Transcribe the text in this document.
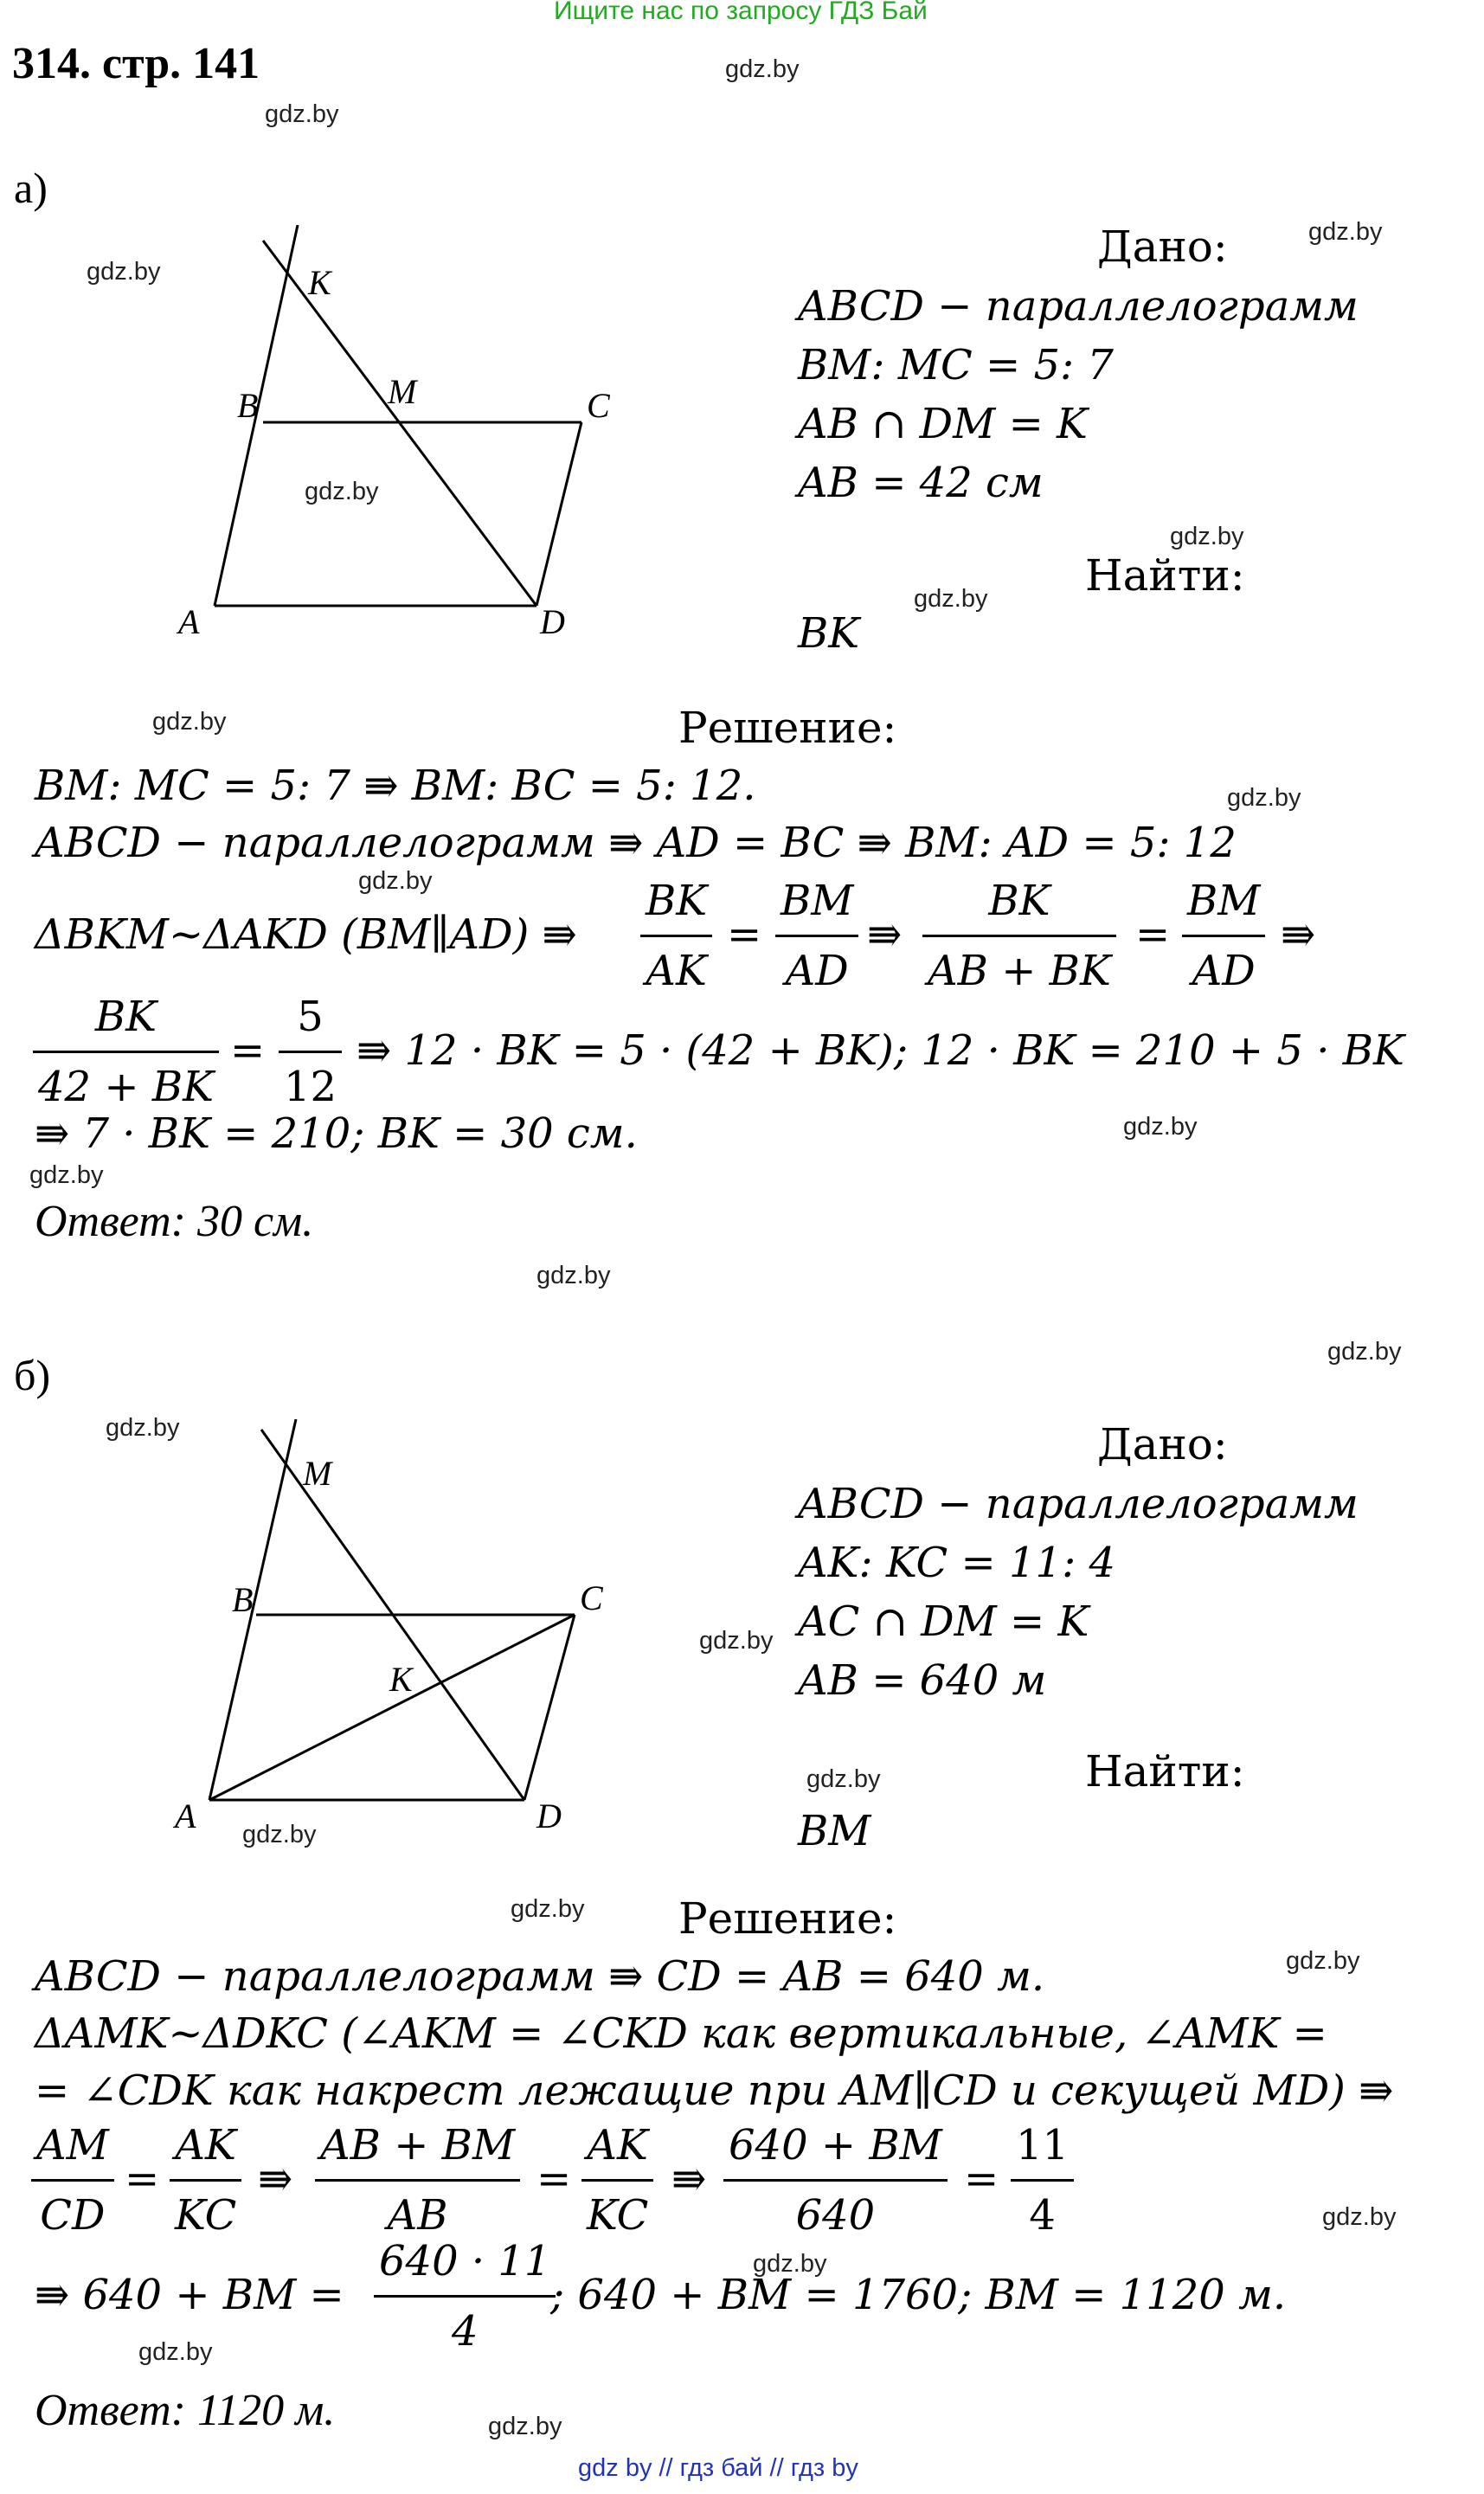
Ищите нас по запросу ГДЗ Бай
314. стр. 141	gdz.by
gdz.by
gdz.by
gdz.by
gdz.by
gdz.by
gdz.by
gdz.by
gdz.by
gdz.by
gdz.by
gdz.by
gdz.by
gdz.by
gdz.by
gdz.by
gdz.by
gdz.by
gdz.by
gdz.by
gdz.by
gdz.by
gdz.by
gdz.by
а)
K
B	M	C
A	D
Дано:
ABCD − параллелограмм
BM: MC = 5: 7
AB ∩ DM = K
AB = 42 см
Найти:
BK
Решение:
BM: MC = 5: 7 ⇛ BM: BC = 5: 12.
ABCD − параллелограмм ⇛ AD = BC ⇛ BM: AD = 5: 12
ΔBKM~ΔAKD (BM∥AD) ⇛
BK
AK
=
BM
AD
⇛
BK
AB + BK
=
BM
AD
⇛
BK
42 + BK
=
5
12
⇛ 12 · BK = 5 · (42 + BK); 12 · BK = 210 + 5 · BK
⇛ 7 · BK = 210; BK = 30 см.
Ответ: 30 см.
б)
M
B	C
K
A	D
Дано:
ABCD − параллелограмм
AK: KC = 11: 4
AC ∩ DM = K
AB = 640 м
Найти:
BM
Решение:
ABCD − параллелограмм ⇛ CD = AB = 640 м.
ΔAMK~ΔDKC (∠AKM = ∠CKD как вертикальные, ∠AMK =
= ∠CDK как накрест лежащие при AM∥CD и секущей MD) ⇛
AM
CD
=
AK
KC
⇛
AB + BM
AB
=
AK
KC
⇛
640 + BM
640
=
11
4
⇛ 640 + BM =
640 · 11
4
; 640 + BM = 1760; BM = 1120 м.
Ответ: 1120 м.
gdz by // гдз бай // гдз by
